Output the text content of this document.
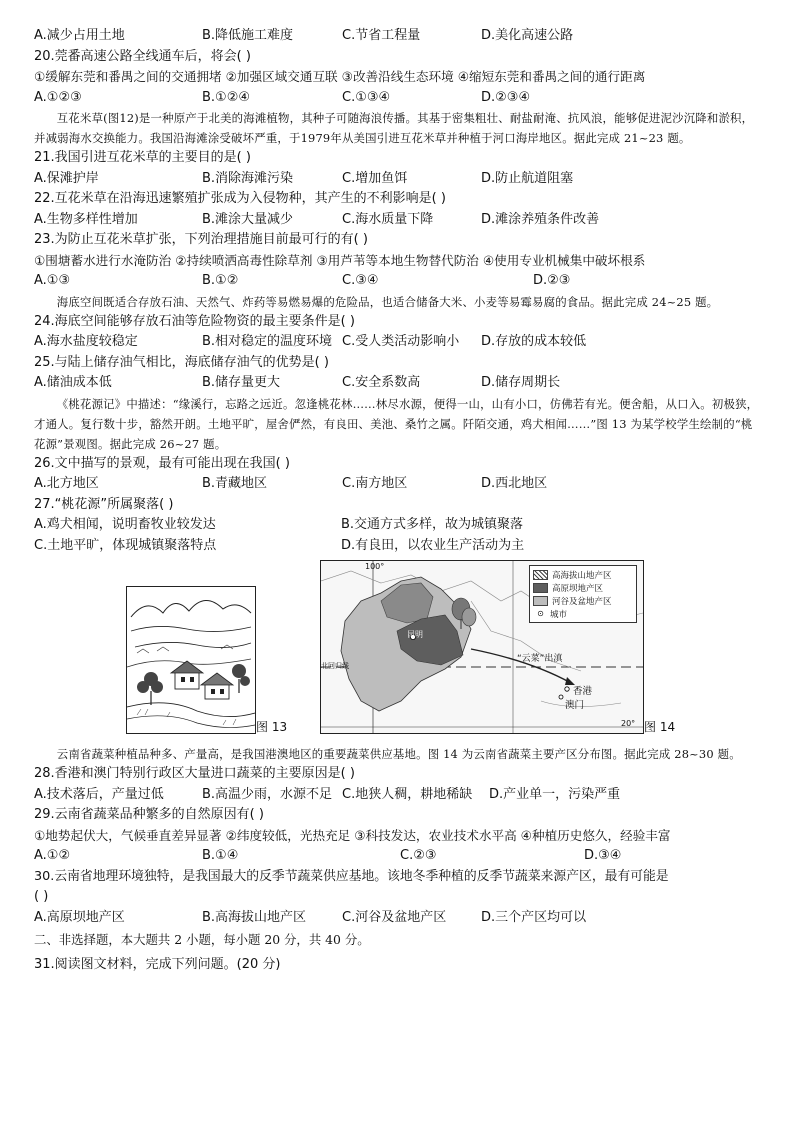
A.减少占用土地	B.降低施工难度	C.节省工程量	D.美化高速公路
20.莞番高速公路全线通车后，将会( )
①缓解东莞和番禺之间的交通拥堵 ②加强区域交通互联 ③改善沿线生态环境 ④缩短东莞和番禺之间的通行距离
A.①②③	B.①②④	C.①③④	D.②③④
互花米草(图12)是一种原产于北美的海滩植物，其种子可随海浪传播。其基于密集粗壮、耐盐耐淹、抗风浪，能够促进泥沙沉降和淤积，并减弱海水交换能力。我国沿海滩涂受破坏严重，于1979年从美国引进互花米草并种植于河口海岸地区。据此完成 21~23 题。
21.我国引进互花米草的主要目的是( )
A.保滩护岸	B.消除海滩污染	C.增加鱼饵	D.防止航道阻塞
22.互花米草在沿海迅速繁殖扩张成为入侵物种，其产生的不利影响是( )
A.生物多样性增加	B.滩涂大量减少	C.海水质量下降	D.滩涂养殖条件改善
23.为防止互花米草扩张，下列治理措施目前最可行的有( )
①围塘蓄水进行水淹防治 ②持续喷洒高毒性除草剂 ③用芦苇等本地生物替代防治 ④使用专业机械集中破坏根系
A.①③	B.①②	C.③④	D.②③
海底空间既适合存放石油、天然气、炸药等易燃易爆的危险品，也适合储备大米、小麦等易霉易腐的食品。据此完成 24~25 题。
24.海底空间能够存放石油等危险物资的最主要条件是( )
A.海水盐度较稳定	B.相对稳定的温度环境 C.受人类活动影响小 D.存放的成本较低
25.与陆上储存油气相比，海底储存油气的优势是( )
A.储油成本低	B.储存量更大	C.安全系数高	D.储存周期长
《桃花源记》中描述：“缘溪行，忘路之远近。忽逢桃花林……林尽水源，便得一山，山有小口，仿佛若有光。便舍船，从口入。初极狭，才通人。复行数十步，豁然开朗。土地平旷，屋舍俨然，有良田、美池、桑竹之属。阡陌交通，鸡犬相闻……”图 13 为某学校学生绘制的“桃花源”景观图。据此完成 26~27 题。
26.文中描写的景观，最有可能出现在我国( )
A.北方地区	B.青藏地区	C.南方地区	D.西北地区
27.“桃花源”所属聚落( )
A.鸡犬相闻，说明畜牧业较发达	B.交通方式多样，故为城镇聚落
C.土地平旷，体现城镇聚落特点	D.有良田，以农业生产活动为主
图 13
100°
20°
昆明
北回归线
“云菜”出滇
香港
澳门
高海拔山地产区
高原坝地产区
河谷及盆地产区
⊙ 城市
图 14
云南省蔬菜种植品种多、产量高，是我国港澳地区的重要蔬菜供应基地。图 14 为云南省蔬菜主要产区分布图。据此完成 28~30 题。
28.香港和澳门特别行政区大量进口蔬菜的主要原因是( )
A.技术落后，产量过低	B.高温少雨，水源不足 C.地狭人稠，耕地稀缺 D.产业单一，污染严重
29.云南省蔬菜品种繁多的自然原因有( )
①地势起伏大，气候垂直差异显著 ②纬度较低，光热充足 ③科技发达，农业技术水平高 ④种植历史悠久，经验丰富
A.①②	B.①④	C.②③	D.③④
30.云南省地理环境独特，是我国最大的反季节蔬菜供应基地。该地冬季种植的反季节蔬菜来源产区，最有可能是
( )
A.高原坝地产区	B.高海拔山地产区	C.河谷及盆地产区	D.三个产区均可以
二、非选择题，本大题共 2 小题，每小题 20 分，共 40 分。
31.阅读图文材料，完成下列问题。(20 分)
